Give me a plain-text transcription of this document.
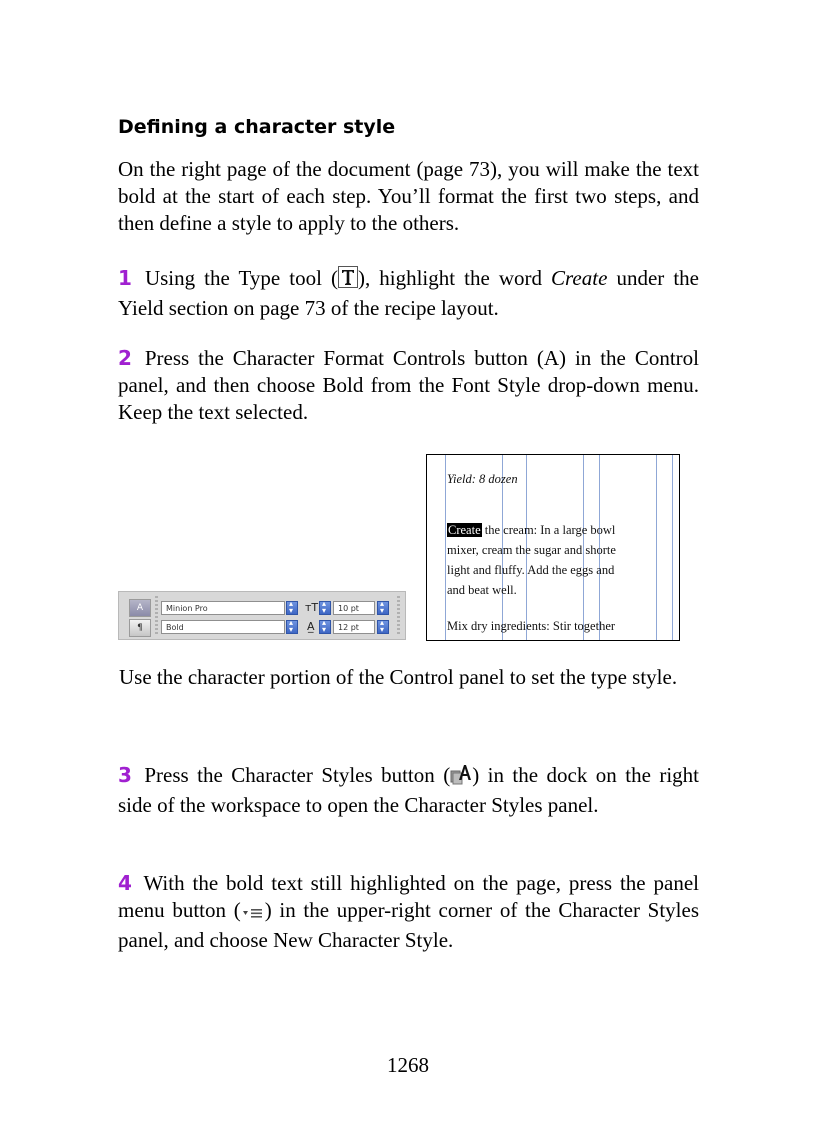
Defining a character style
On the right page of the document (page 73), you will make the text bold at the start of each step. You’ll format the first two steps, and then define a style to apply to the others.
1 Using the Type tool ( ), highlight the word Create under the Yield section on page 73 of the recipe layout.
2 Press the Character Format Controls button (A) in the Control panel, and then choose Bold from the Font Style drop-down menu. Keep the text selected.
A
¶
Minion Pro
▴ ▾
Bold
▴ ▾
ᴛT
A̲
▴ ▾
▴ ▾
10 pt
▴ ▾
12 pt
▴ ▾
Yield: 8 dozen
Create the cream: In a large bowl
mixer, cream the sugar and shorte
light and fluffy. Add the eggs and
and beat well.
Mix dry ingredients: Stir together
Use the character portion of the Control panel to set the type style.
3 Press the Character Styles button ( ) in the dock on the right side of the workspace to open the Character Styles panel.
4 With the bold text still highlighted on the page, press the panel menu button ( ) in the upper-right corner of the Character Styles panel, and choose New Character Style.
1268
